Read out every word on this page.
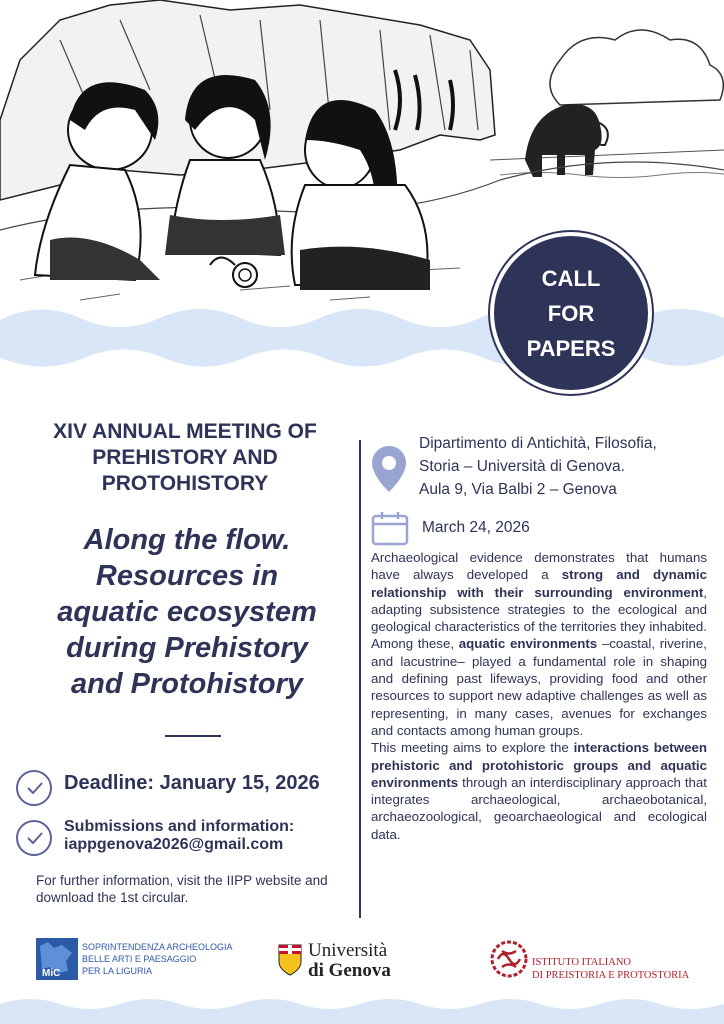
CALL
FOR
PAPERS
XIV ANNUAL MEETING OF
PREHISTORY AND
PROTOHISTORY
Along the flow.
Resources in
aquatic ecosystem
during Prehistory
and Protohistory
Deadline: January 15, 2026
Submissions and information:
iappgenova2026@gmail.com
For further information, visit the IIPP website and download the 1st circular.
Dipartimento di Antichità, Filosofia,
Storia – Università di Genova.
Aula 9, Via Balbi 2 – Genova
March 24, 2026
Archaeological evidence demonstrates that humans have always developed a strong and dynamic relationship with their surrounding environment, adapting subsistence strategies to the ecological and geological characteristics of the territories they inhabited. Among these, aquatic environments –coastal, riverine, and lacustrine– played a fundamental role in shaping and defining past lifeways, providing food and other resources to support new adaptive challenges as well as representing, in many cases, avenues for exchanges and contacts among human groups.
This meeting aims to explore the interactions between prehistoric and protohistoric groups and aquatic environments through an interdisciplinary approach that integrates archaeological, archaeobotanical, archaeozoological, geoarchaeological and ecological data.
MiC
SOPRINTENDENZA ARCHEOLOGIA
BELLE ARTI E PAESAGGIO
PER LA LIGURIA
Università
di Genova	ISTITUTO ITALIANO
DI PREISTORIA E PROTOSTORIA
